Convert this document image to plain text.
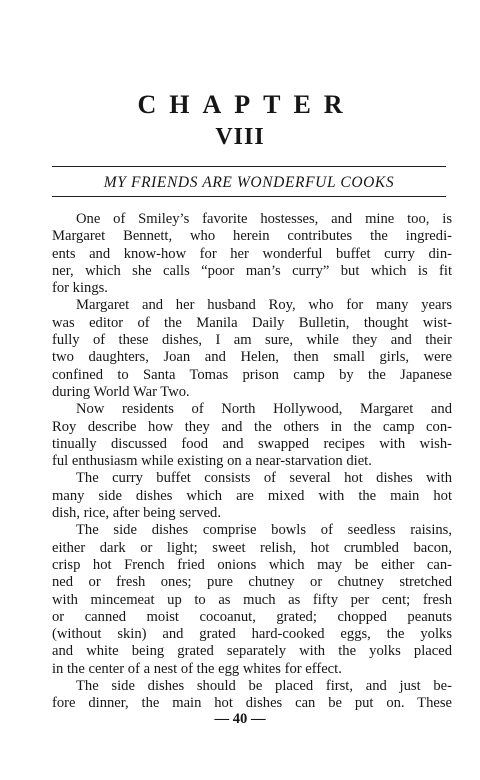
CHAPTER
VIII
MY FRIENDS ARE WONDERFUL COOKS
One of Smiley’s favorite hostesses, and mine too, is
Margaret Bennett, who herein contributes the ingredi-
ents and know-how for her wonderful buffet curry din-
ner, which she calls “poor man’s curry” but which is fit
for kings.
Margaret and her husband Roy, who for many years
was editor of the Manila Daily Bulletin, thought wist-
fully of these dishes, I am sure, while they and their
two daughters, Joan and Helen, then small girls, were
confined to Santa Tomas prison camp by the Japanese
during World War Two.
Now residents of North Hollywood, Margaret and
Roy describe how they and the others in the camp con-
tinually discussed food and swapped recipes with wish-
ful enthusiasm while existing on a near-starvation diet.
The curry buffet consists of several hot dishes with
many side dishes which are mixed with the main hot
dish, rice, after being served.
The side dishes comprise bowls of seedless raisins,
either dark or light; sweet relish, hot crumbled bacon,
crisp hot French fried onions which may be either can-
ned or fresh ones; pure chutney or chutney stretched
with mincemeat up to as much as fifty per cent; fresh
or canned moist cocoanut, grated; chopped peanuts
(without skin) and grated hard-cooked eggs, the yolks
and white being grated separately with the yolks placed
in the center of a nest of the egg whites for effect.
The side dishes should be placed first, and just be-
fore dinner, the main hot dishes can be put on. These
— 40 —
